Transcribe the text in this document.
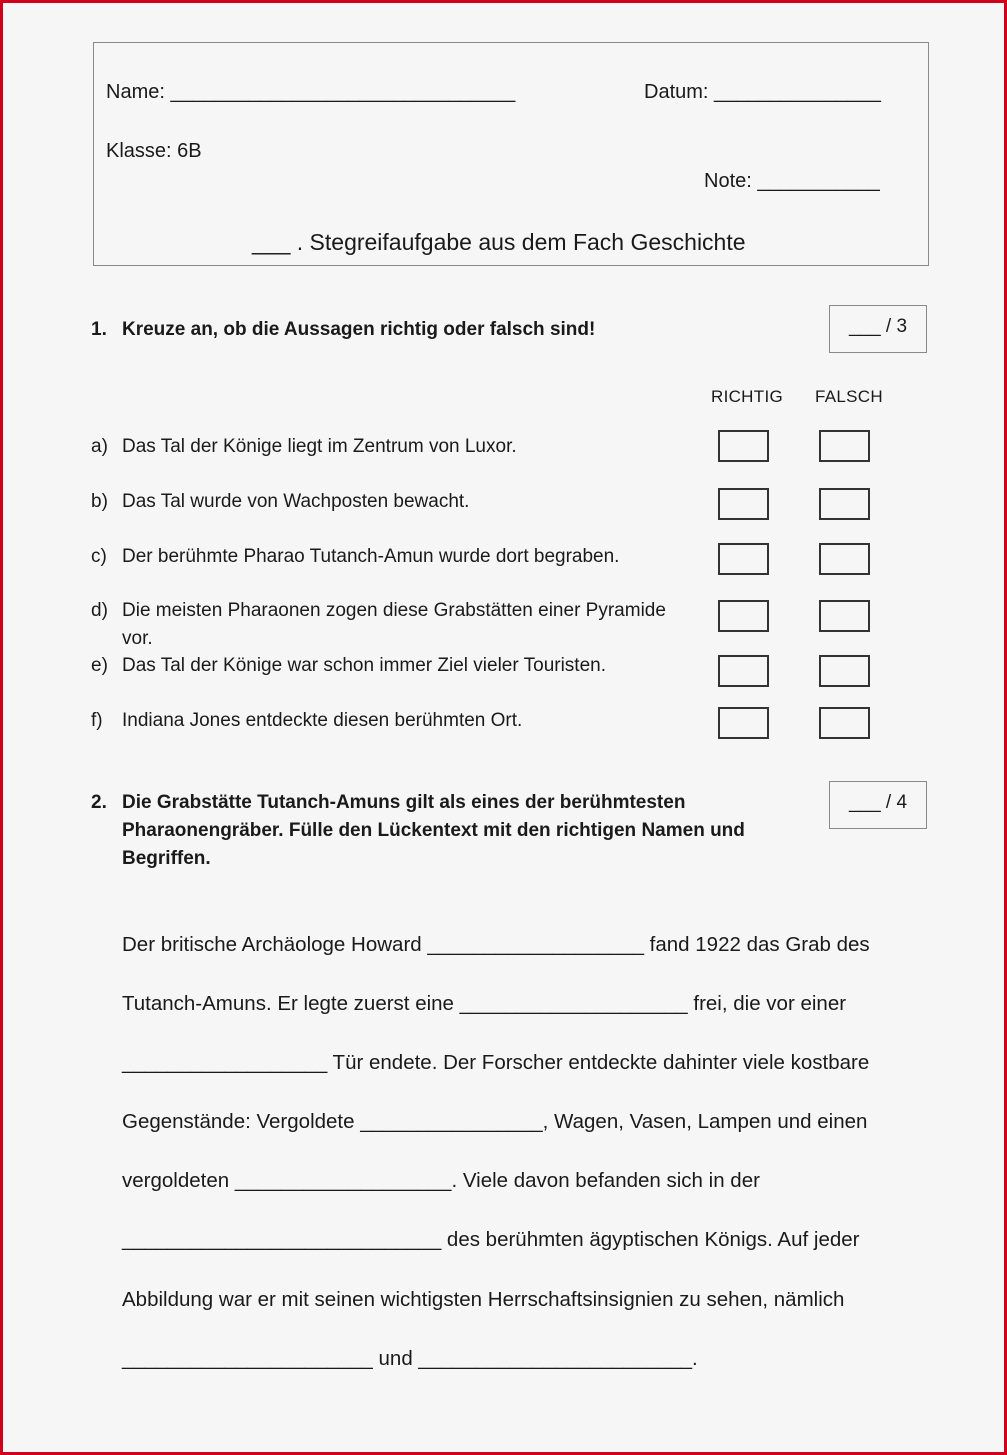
Name: _______________________________	Datum: _______________
Klasse: 6B
Note: ___________
___ . Stegreifaufgabe aus dem Fach Geschichte
1. Kreuze an, ob die Aussagen richtig oder falsch sind!	___ / 3
RICHTIG FALSCH
a) Das Tal der Könige liegt im Zentrum von Luxor.
b) Das Tal wurde von Wachposten bewacht.
c) Der berühmte Pharao Tutanch-Amun wurde dort begraben.
d) Die meisten Pharaonen zogen diese Grabstätten einer Pyramide
vor.
e) Das Tal der Könige war schon immer Ziel vieler Touristen.
f) Indiana Jones entdeckte diesen berühmten Ort.
2. Die Grabstätte Tutanch-Amuns gilt als eines der berühmtesten
Pharaonengräber. Fülle den Lückentext mit den richtigen Namen und
Begriffen.
___ / 4
Der britische Archäologe Howard ___________________ fand 1922 das Grab des
Tutanch-Amuns. Er legte zuerst eine ____________________ frei, die vor einer
__________________ Tür endete. Der Forscher entdeckte dahinter viele kostbare
Gegenstände: Vergoldete ________________, Wagen, Vasen, Lampen und einen
vergoldeten ___________________. Viele davon befanden sich in der
____________________________ des berühmten ägyptischen Königs. Auf jeder
Abbildung war er mit seinen wichtigsten Herrschaftsinsignien zu sehen, nämlich
______________________ und ________________________.
